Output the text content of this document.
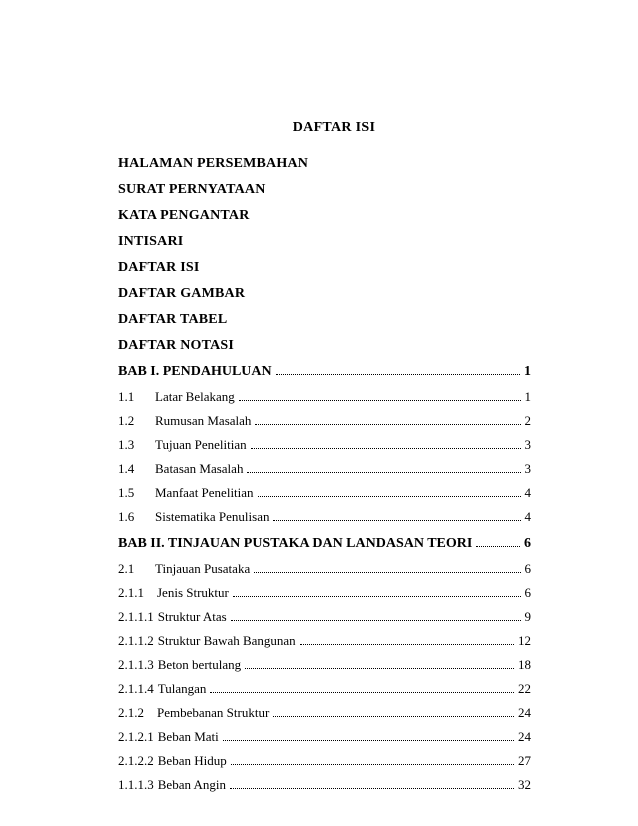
DAFTAR ISI
HALAMAN PERSEMBAHAN
SURAT PERNYATAAN
KATA PENGANTAR
INTISARI
DAFTAR ISI
DAFTAR GAMBAR
DAFTAR TABEL
DAFTAR NOTASI
BAB I. PENDAHULUAN	1
1.1	Latar Belakang	1
1.2	Rumusan Masalah	2
1.3	Tujuan Penelitian	3
1.4	Batasan Masalah	3
1.5	Manfaat Penelitian	4
1.6	Sistematika Penulisan	4
BAB II. TINJAUAN PUSTAKA DAN LANDASAN TEORI	6
2.1	Tinjauan Pusataka	6
2.1.1	Jenis Struktur	6
2.1.1.1 Struktur Atas	9
2.1.1.2 Struktur Bawah Bangunan	12
2.1.1.3 Beton bertulang	18
2.1.1.4 Tulangan	22
2.1.2	Pembebanan Struktur	24
2.1.2.1 Beban Mati	24
2.1.2.2 Beban Hidup	27
1.1.1.3 Beban Angin	32
